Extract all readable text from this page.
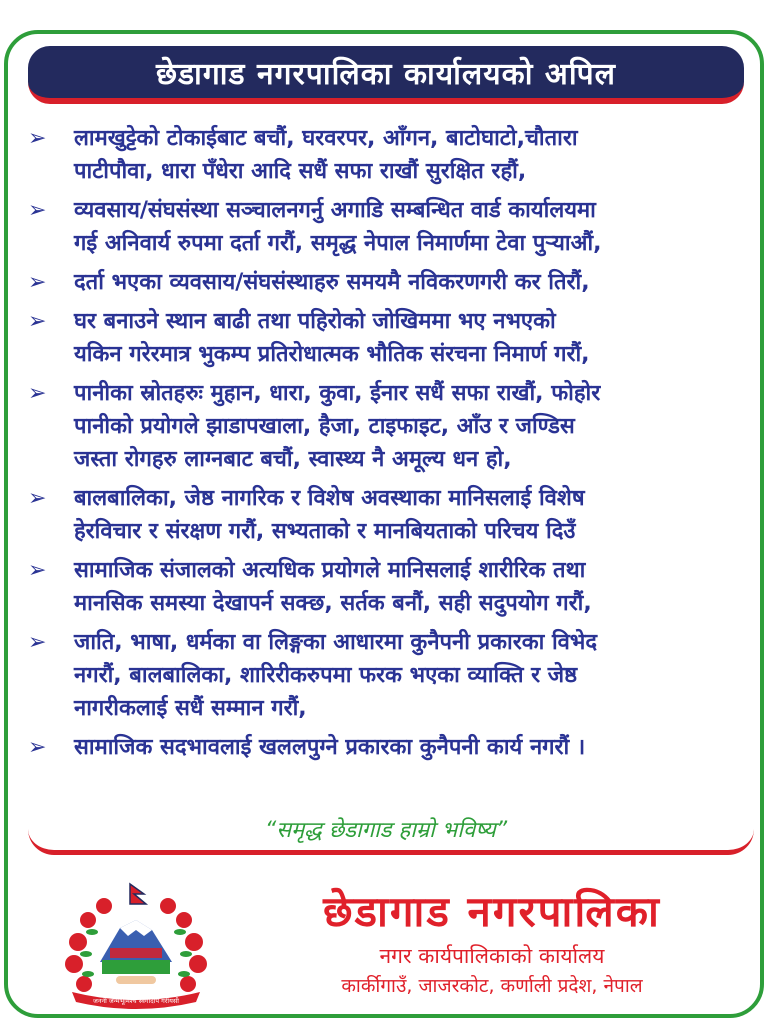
छेडागाड नगरपालिका कार्यालयको अपिल
➢ लामखुट्टेको टोकाईबाट बचौं, घरवरपर, आँगन, बाटोघाटो,चौतारा
पाटीपौवा, धारा पँधेरा आदि सधैं सफा राखौं सुरक्षित रहौं,
➢ व्यवसाय/संघसंस्था सञ्चालनगर्नु अगाडि सम्बन्धित वार्ड कार्यालयमा
गई अनिवार्य रुपमा दर्ता गरौं, समृद्ध नेपाल निमार्णमा टेवा पुऱ्याऔं,
➢ दर्ता भएका व्यवसाय/संघसंस्थाहरु समयमै नविकरणगरी कर तिरौं,
➢ घर बनाउने स्थान बाढी तथा पहिरोको जोखिममा भए नभएको
यकिन गरेरमात्र भुकम्प प्रतिरोधात्मक भौतिक संरचना निमार्ण गरौं,
➢ पानीका स्रोतहरुः मुहान, धारा, कुवा, ईनार सधैं सफा राखौं, फोहोर
पानीको प्रयोगले झाडापखाला, हैजा, टाइफाइट, आँउ र जण्डिस
जस्ता रोगहरु लाग्नबाट बचौं, स्वास्थ्य नै अमूल्य धन हो,
➢ बालबालिका, जेष्ठ नागरिक र विशेष अवस्थाका मानिसलाई विशेष
हेरविचार र संरक्षण गरौं, सभ्यताको र मानबियताको परिचय दिउँ
➢ सामाजिक संजालको अत्यधिक प्रयोगले मानिसलाई शारीरिक तथा
मानसिक समस्या देखापर्न सक्छ, सर्तक बनौं, सही सदुपयोग गरौं,
➢ जाति, भाषा, धर्मका वा लिङ्गका आधारमा कुनैपनी प्रकारका विभेद
नगरौं, बालबालिका, शारिरीकरुपमा फरक भएका व्याक्ति र जेष्ठ
नागरीकलाई सधैं सम्मान गरौं,
➢ सामाजिक सदभावलाई खललपुग्ने प्रकारका कुनैपनी कार्य नगरौं ।
“समृद्ध छेडागाड हाम्रो भविष्य”
जननी जन्मभूमिश्च स्वर्गादपि गरीयसी
छेडागाड नगरपालिका
नगर कार्यपालिकाको कार्यालय
कार्कीगाउँ, जाजरकोट, कर्णाली प्रदेश, नेपाल
